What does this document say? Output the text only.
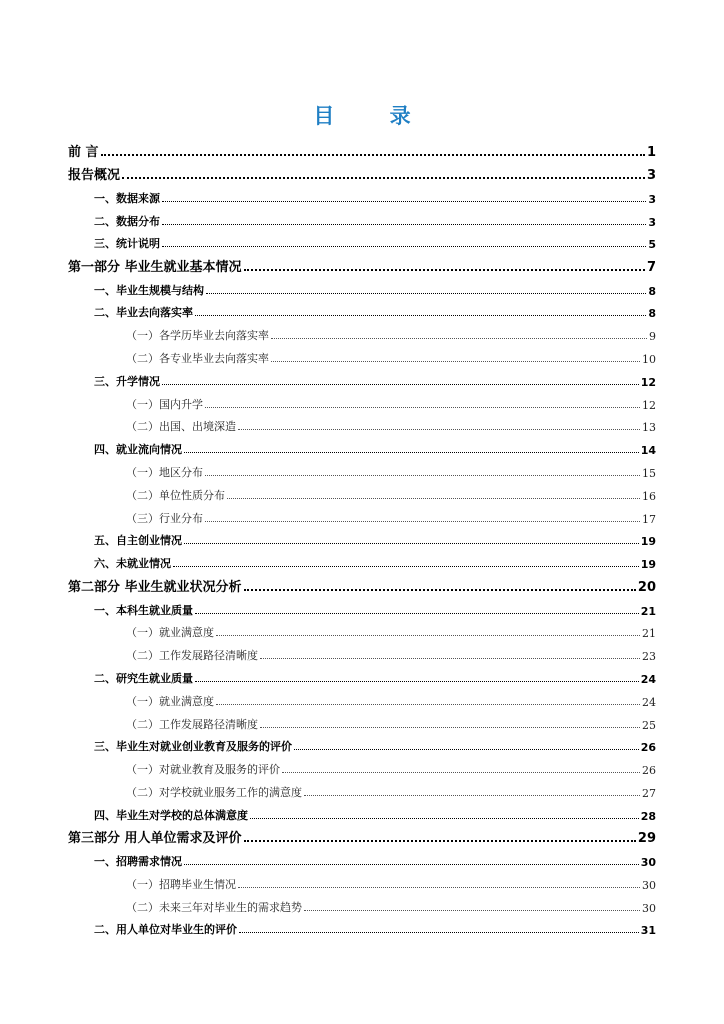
目 录
前 言	1
报告概况	3
一、数据来源	3
二、数据分布	3
三、统计说明	5
第一部分 毕业生就业基本情况	7
一、毕业生规模与结构	8
二、毕业去向落实率	8
（一）各学历毕业去向落实率	9
（二）各专业毕业去向落实率	10
三、升学情况	12
（一）国内升学	12
（二）出国、出境深造	13
四、就业流向情况	14
（一）地区分布	15
（二）单位性质分布	16
（三）行业分布	17
五、自主创业情况	19
六、未就业情况	19
第二部分 毕业生就业状况分析	20
一、本科生就业质量	21
（一）就业满意度	21
（二）工作发展路径清晰度	23
二、研究生就业质量	24
（一）就业满意度	24
（二）工作发展路径清晰度	25
三、毕业生对就业创业教育及服务的评价	26
（一）对就业教育及服务的评价	26
（二）对学校就业服务工作的满意度	27
四、毕业生对学校的总体满意度	28
第三部分 用人单位需求及评价	29
一、招聘需求情况	30
（一）招聘毕业生情况	30
（二）未来三年对毕业生的需求趋势	30
二、用人单位对毕业生的评价	31
